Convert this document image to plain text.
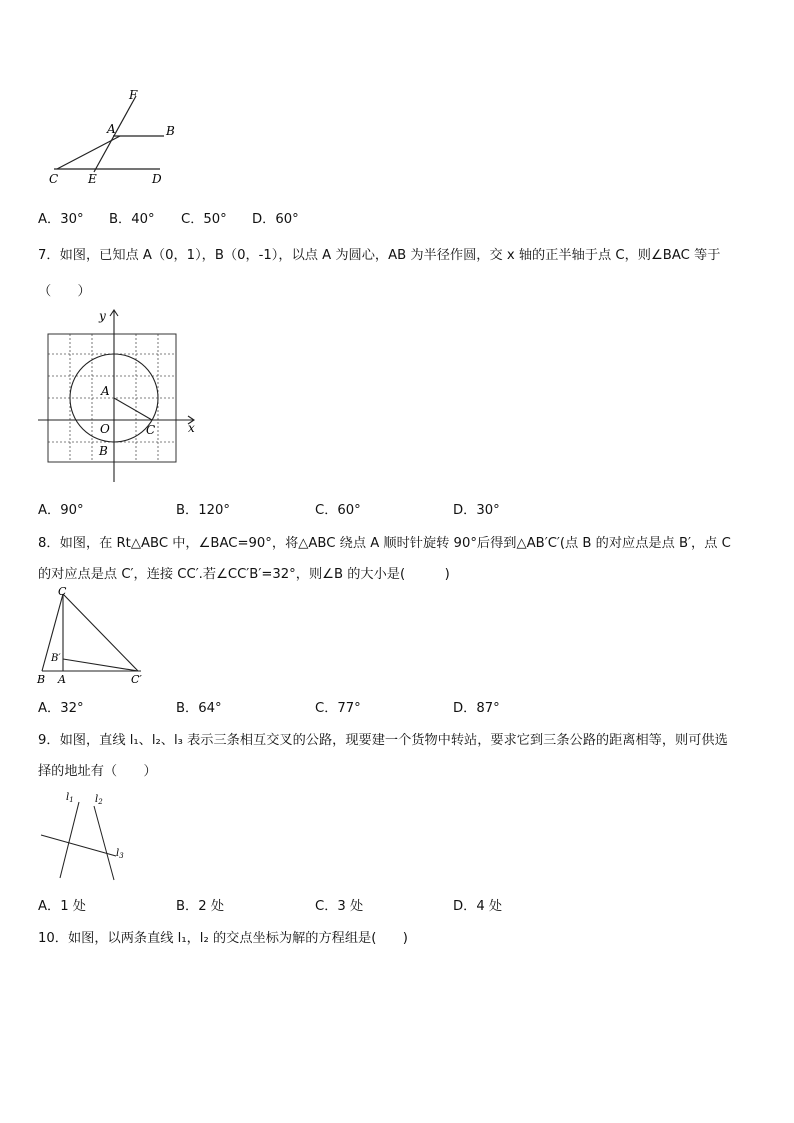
F
A	B
C E	D
A．30° B．40° C．50° D．60°
7．如图，已知点 A（0，1），B（0，-1），以点 A 为圆心，AB 为半径作圆，交 x 轴的正半轴于点 C，则∠BAC 等于
（　　）
y
x
A
O	C
B
A．90°	B．120°	C．60°	D．30°
8．如图，在 Rt△ABC 中，∠BAC=90°，将△ABC 绕点 A 顺时针旋转 90°后得到△AB′C′(点 B 的对应点是点 B′，点 C
的对应点是点 C′，连接 CC′.若∠CC′B′=32°，则∠B 的大小是(　　　)
C
B′
B A	C′
A．32°	B．64°	C．77°	D．87°
9．如图，直线 l₁、l₂、l₃ 表示三条相互交叉的公路，现要建一个货物中转站，要求它到三条公路的距离相等，则可供选
择的地址有（　　）
$l_1$ $l_2$
$l_3$
A．1 处	B．2 处	C．3 处	D．4 处
10．如图，以两条直线 l₁，l₂ 的交点坐标为解的方程组是(　　)
